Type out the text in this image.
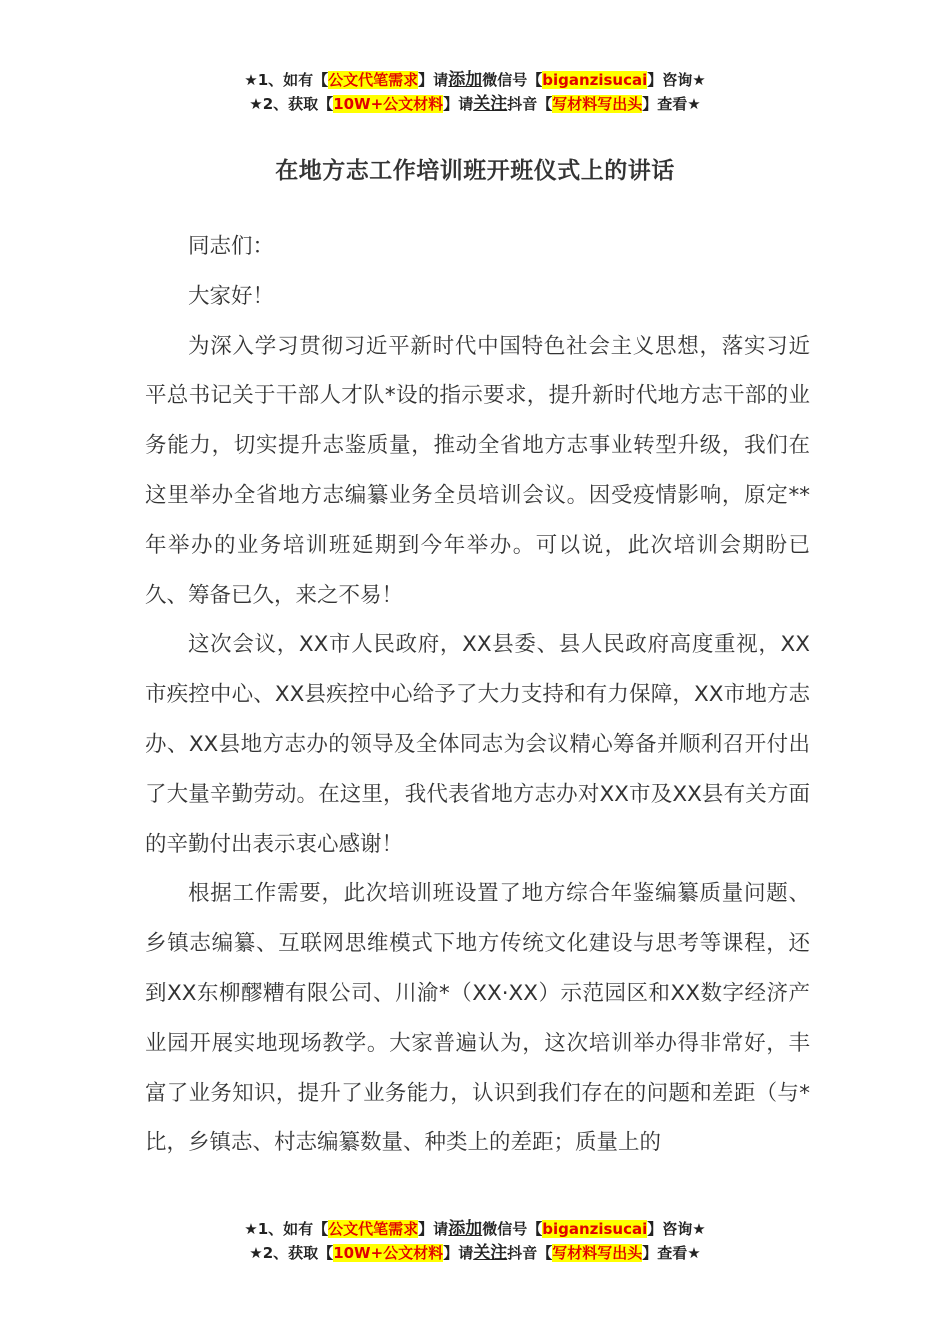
★1、如有【公文代笔需求】请添加微信号【biganzisucai】咨询★
★2、获取【10W+公文材料】请关注抖音【写材料写出头】查看★
在地方志工作培训班开班仪式上的讲话

同志们：

大家好！

为深入学习贯彻习近平新时代中国特色社会主义思想，落实习近平总书记关于干部人才队*设的指示要求，提升新时代地方志干部的业务能力，切实提升志鉴质量，推动全省地方志事业转型升级，我们在这里举办全省地方志编纂业务全员培训会议。因受疫情影响，原定**年举办的业务培训班延期到今年举办。可以说，此次培训会期盼已久、筹备已久，来之不易！

这次会议，XX市人民政府，XX县委、县人民政府高度重视，XX市疾控中心、XX县疾控中心给予了大力支持和有力保障，XX市地方志办、XX县地方志办的领导及全体同志为会议精心筹备并顺利召开付出了大量辛勤劳动。在这里，我代表省地方志办对XX市及XX县有关方面的辛勤付出表示衷心感谢！

根据工作需要，此次培训班设置了地方综合年鉴编纂质量问题、乡镇志编纂、互联网思维模式下地方传统文化建设与思考等课程，还到XX东柳醪糟有限公司、川渝*（XX·XX）示范园区和XX数字经济产业园开展实地现场教学。大家普遍认为，这次培训举办得非常好，丰富了业务知识，提升了业务能力，认识到我们存在的问题和差距（与*比，乡镇志、村志编纂数量、种类上的差距；质量上的

★1、如有【公文代笔需求】请添加微信号【biganzisucai】咨询★
★2、获取【10W+公文材料】请关注抖音【写材料写出头】查看★
